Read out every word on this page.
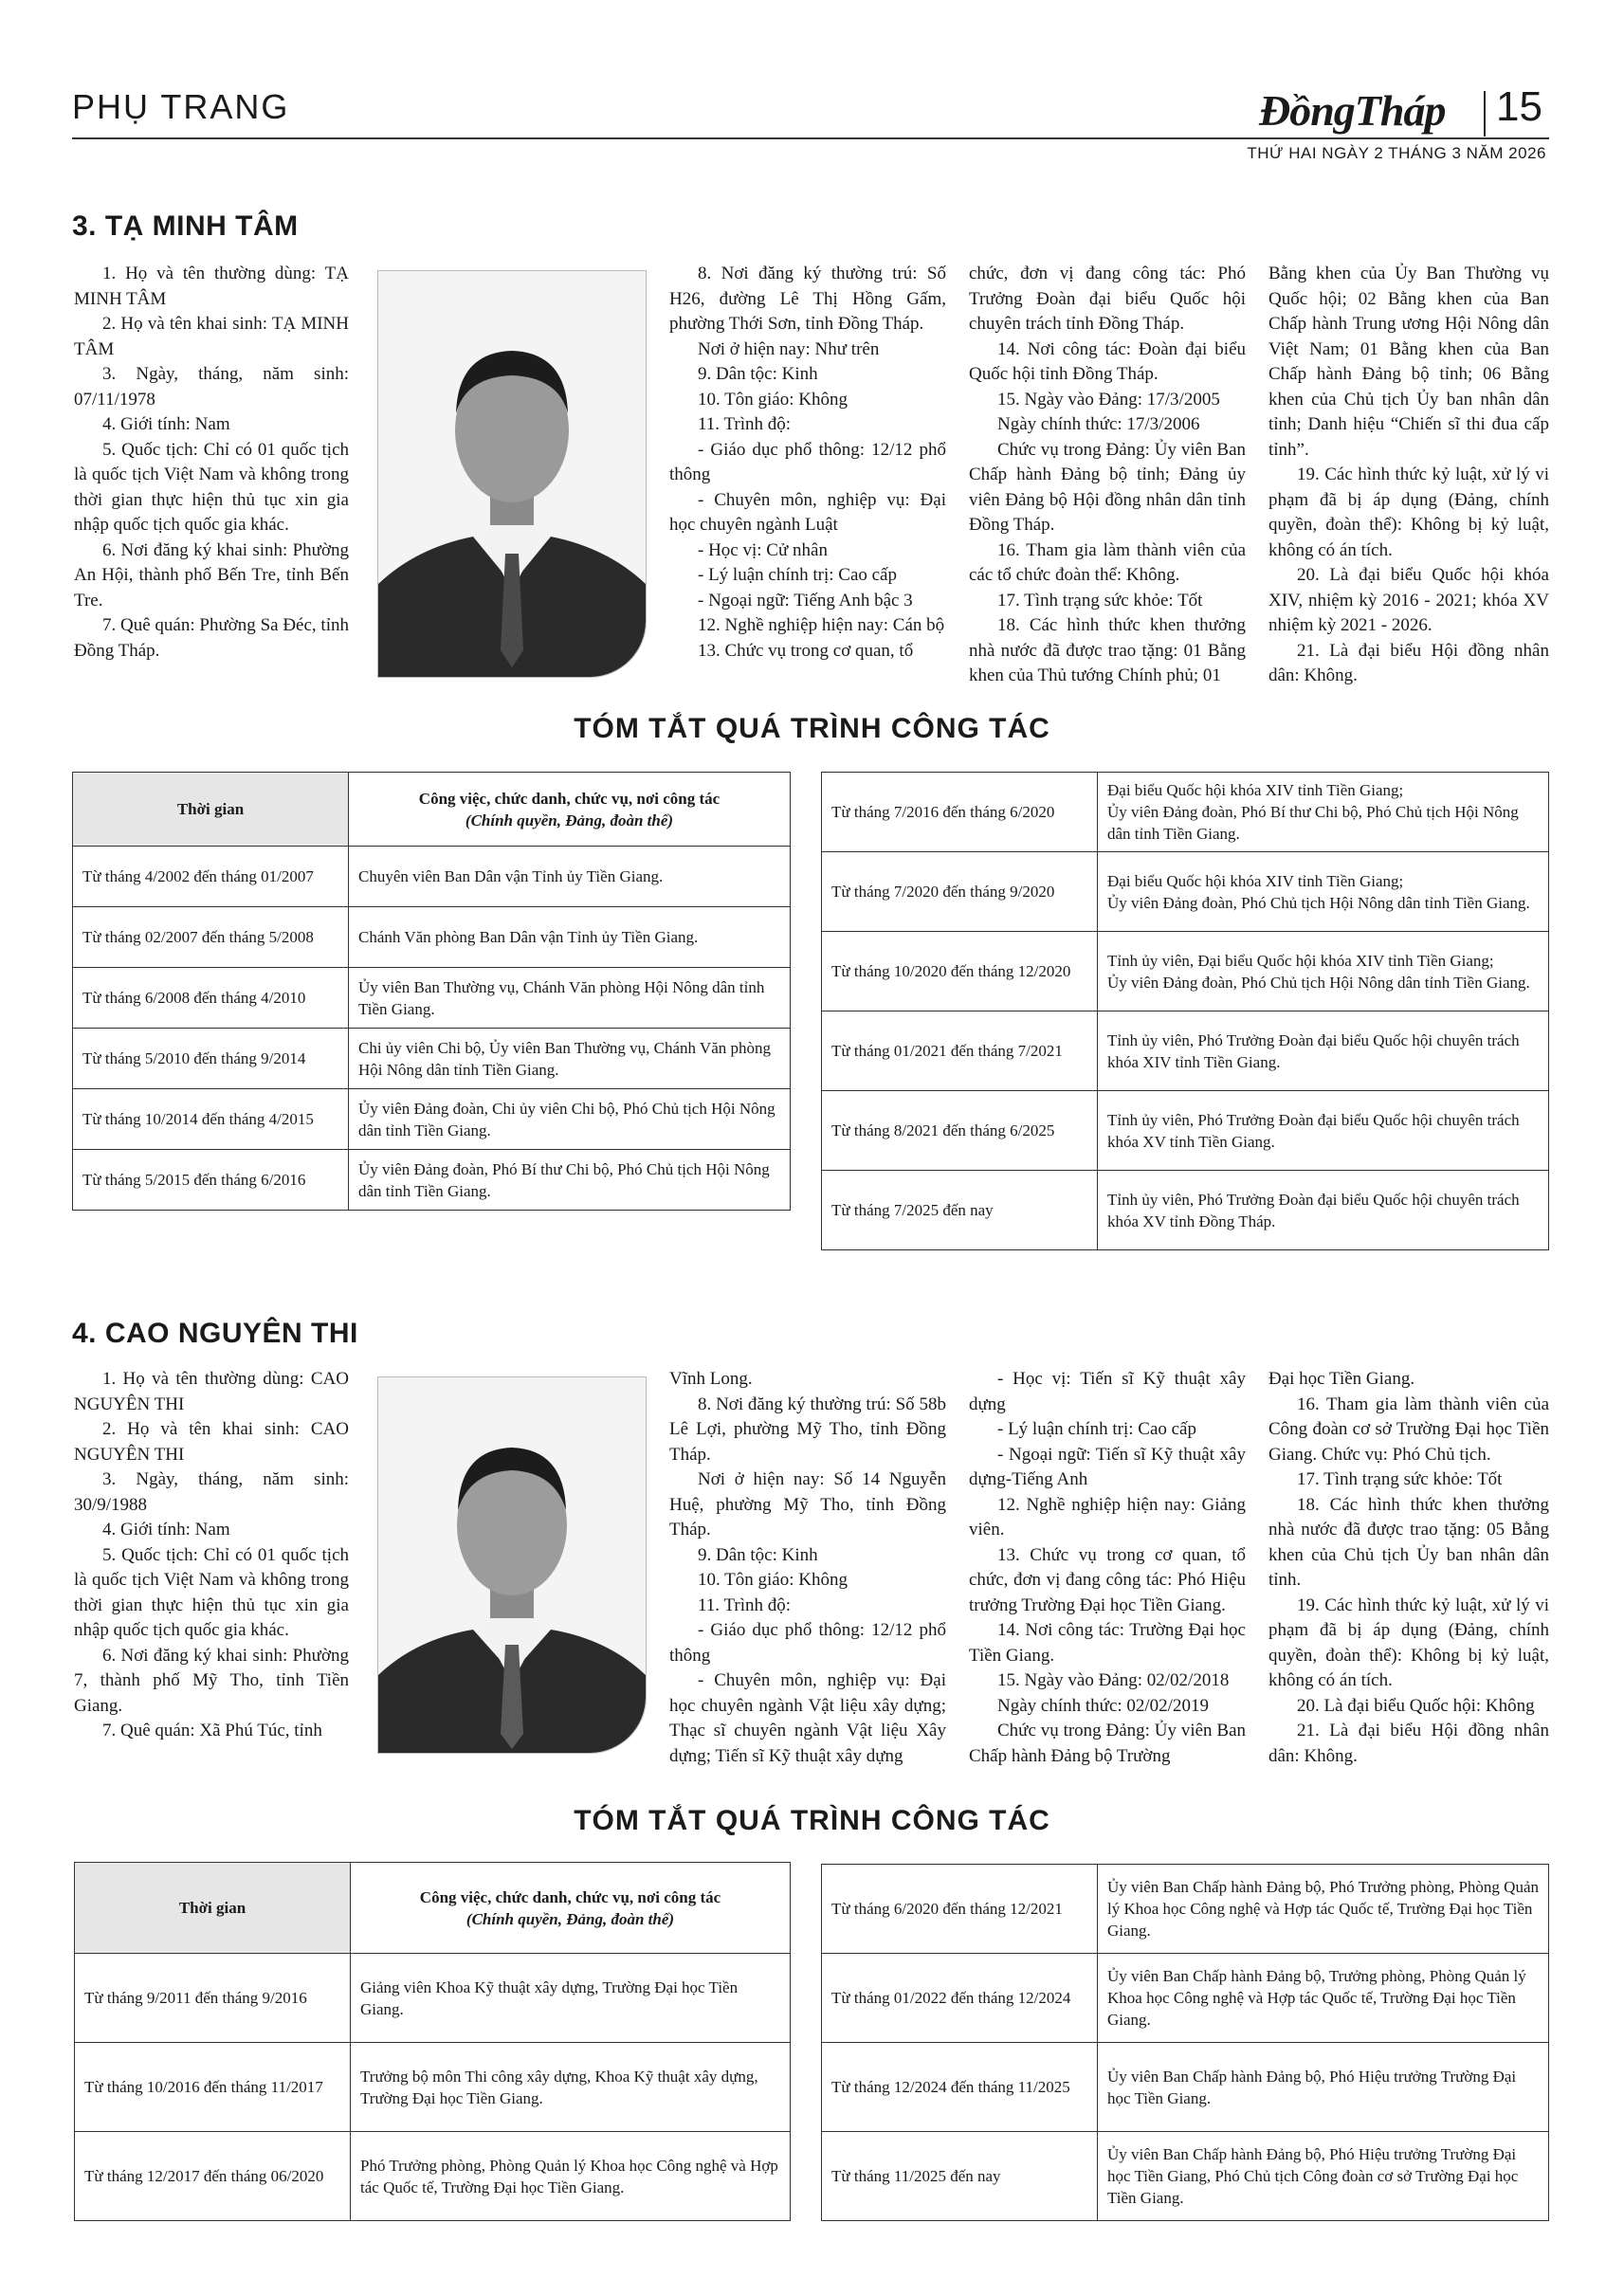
PHỤ TRANG	ĐồngTháp 15
THỨ HAI NGÀY 2 THÁNG 3 NĂM 2026
3. TẠ MINH TÂM

1. Họ và tên thường dùng: TẠ MINH TÂM

2. Họ và tên khai sinh: TẠ MINH TÂM

3. Ngày, tháng, năm sinh: 07/11/1978

4. Giới tính: Nam

5. Quốc tịch: Chỉ có 01 quốc tịch là quốc tịch Việt Nam và không trong thời gian thực hiện thủ tục xin gia nhập quốc tịch quốc gia khác.

6. Nơi đăng ký khai sinh: Phường An Hội, thành phố Bến Tre, tỉnh Bến Tre.

7. Quê quán: Phường Sa Đéc, tỉnh Đồng Tháp.

8. Nơi đăng ký thường trú: Số H26, đường Lê Thị Hồng Gấm, phường Thới Sơn, tỉnh Đồng Tháp.

Nơi ở hiện nay: Như trên

9. Dân tộc: Kinh

10. Tôn giáo: Không

11. Trình độ:

- Giáo dục phổ thông: 12/12 phổ thông

- Chuyên môn, nghiệp vụ: Đại học chuyên ngành Luật

- Học vị: Cử nhân

- Lý luận chính trị: Cao cấp

- Ngoại ngữ: Tiếng Anh bậc 3

12. Nghề nghiệp hiện nay: Cán bộ

13. Chức vụ trong cơ quan, tổ

chức, đơn vị đang công tác: Phó Trưởng Đoàn đại biểu Quốc hội chuyên trách tỉnh Đồng Tháp.

14. Nơi công tác: Đoàn đại biểu Quốc hội tỉnh Đồng Tháp.

15. Ngày vào Đảng: 17/3/2005

Ngày chính thức: 17/3/2006

Chức vụ trong Đảng: Ủy viên Ban Chấp hành Đảng bộ tỉnh; Đảng ủy viên Đảng bộ Hội đồng nhân dân tỉnh Đồng Tháp.

16. Tham gia làm thành viên của các tổ chức đoàn thể: Không.

17. Tình trạng sức khỏe: Tốt

18. Các hình thức khen thưởng nhà nước đã được trao tặng: 01 Bằng khen của Thủ tướng Chính phủ; 01

Bằng khen của Ủy Ban Thường vụ Quốc hội; 02 Bằng khen của Ban Chấp hành Trung ương Hội Nông dân Việt Nam; 01 Bằng khen của Ban Chấp hành Đảng bộ tỉnh; 06 Bằng khen của Chủ tịch Ủy ban nhân dân tỉnh; Danh hiệu “Chiến sĩ thi đua cấp tỉnh”.

19. Các hình thức kỷ luật, xử lý vi phạm đã bị áp dụng (Đảng, chính quyền, đoàn thể): Không bị kỷ luật, không có án tích.

20. Là đại biểu Quốc hội khóa XIV, nhiệm kỳ 2016 - 2021; khóa XV nhiệm kỳ 2021 - 2026.

21. Là đại biểu Hội đồng nhân dân: Không.

TÓM TẮT QUÁ TRÌNH CÔNG TÁC
Thời gian	Công việc, chức danh, chức vụ, nơi công tác
(Chính quyền, Đảng, đoàn thể)
Từ tháng 4/2002 đến tháng 01/2007	Chuyên viên Ban Dân vận Tỉnh ủy Tiền Giang.
Từ tháng 02/2007 đến tháng 5/2008	Chánh Văn phòng Ban Dân vận Tỉnh ủy Tiền Giang.
Từ tháng 6/2008 đến tháng 4/2010	Ủy viên Ban Thường vụ, Chánh Văn phòng Hội Nông dân tỉnh Tiền Giang.
Từ tháng 5/2010 đến tháng 9/2014	Chi ủy viên Chi bộ, Ủy viên Ban Thường vụ, Chánh Văn phòng Hội Nông dân tỉnh Tiền Giang.
Từ tháng 10/2014 đến tháng 4/2015	Ủy viên Đảng đoàn, Chi ủy viên Chi bộ, Phó Chủ tịch Hội Nông dân tỉnh Tiền Giang.
Từ tháng 5/2015 đến tháng 6/2016	Ủy viên Đảng đoàn, Phó Bí thư Chi bộ, Phó Chủ tịch Hội Nông dân tỉnh Tiền Giang.
Từ tháng 7/2016 đến tháng 6/2020	Đại biểu Quốc hội khóa XIV tỉnh Tiền Giang;
Ủy viên Đảng đoàn, Phó Bí thư Chi bộ, Phó Chủ tịch Hội Nông dân tỉnh Tiền Giang.
Từ tháng 7/2020 đến tháng 9/2020	Đại biểu Quốc hội khóa XIV tỉnh Tiền Giang;
Ủy viên Đảng đoàn, Phó Chủ tịch Hội Nông dân tỉnh Tiền Giang.
Từ tháng 10/2020 đến tháng 12/2020	Tỉnh ủy viên, Đại biểu Quốc hội khóa XIV tỉnh Tiền Giang;
Ủy viên Đảng đoàn, Phó Chủ tịch Hội Nông dân tỉnh Tiền Giang.
Từ tháng 01/2021 đến tháng 7/2021	Tỉnh ủy viên, Phó Trưởng Đoàn đại biểu Quốc hội chuyên trách khóa XIV tỉnh Tiền Giang.
Từ tháng 8/2021 đến tháng 6/2025	Tỉnh ủy viên, Phó Trưởng Đoàn đại biểu Quốc hội chuyên trách khóa XV tỉnh Tiền Giang.
Từ tháng 7/2025 đến nay	Tỉnh ủy viên, Phó Trưởng Đoàn đại biểu Quốc hội chuyên trách khóa XV tỉnh Đồng Tháp.
4. CAO NGUYÊN THI

1. Họ và tên thường dùng: CAO NGUYÊN THI

2. Họ và tên khai sinh: CAO NGUYÊN THI

3. Ngày, tháng, năm sinh: 30/9/1988

4. Giới tính: Nam

5. Quốc tịch: Chỉ có 01 quốc tịch là quốc tịch Việt Nam và không trong thời gian thực hiện thủ tục xin gia nhập quốc tịch quốc gia khác.

6. Nơi đăng ký khai sinh: Phường 7, thành phố Mỹ Tho, tỉnh Tiền Giang.

7. Quê quán: Xã Phú Túc, tỉnh

Vĩnh Long.

8. Nơi đăng ký thường trú: Số 58b Lê Lợi, phường Mỹ Tho, tỉnh Đồng Tháp.

Nơi ở hiện nay: Số 14 Nguyễn Huệ, phường Mỹ Tho, tỉnh Đồng Tháp.

9. Dân tộc: Kinh

10. Tôn giáo: Không

11. Trình độ:

- Giáo dục phổ thông: 12/12 phổ thông

- Chuyên môn, nghiệp vụ: Đại học chuyên ngành Vật liệu xây dựng; Thạc sĩ chuyên ngành Vật liệu Xây dựng; Tiến sĩ Kỹ thuật xây dựng

- Học vị: Tiến sĩ Kỹ thuật xây dựng

- Lý luận chính trị: Cao cấp

- Ngoại ngữ: Tiến sĩ Kỹ thuật xây dựng-Tiếng Anh

12. Nghề nghiệp hiện nay: Giảng viên.

13. Chức vụ trong cơ quan, tổ chức, đơn vị đang công tác: Phó Hiệu trưởng Trường Đại học Tiền Giang.

14. Nơi công tác: Trường Đại học Tiền Giang.

15. Ngày vào Đảng: 02/02/2018

Ngày chính thức: 02/02/2019

Chức vụ trong Đảng: Ủy viên Ban Chấp hành Đảng bộ Trường

Đại học Tiền Giang.

16. Tham gia làm thành viên của Công đoàn cơ sở Trường Đại học Tiền Giang. Chức vụ: Phó Chủ tịch.

17. Tình trạng sức khỏe: Tốt

18. Các hình thức khen thưởng nhà nước đã được trao tặng: 05 Bằng khen của Chủ tịch Ủy ban nhân dân tỉnh.

19. Các hình thức kỷ luật, xử lý vi phạm đã bị áp dụng (Đảng, chính quyền, đoàn thể): Không bị kỷ luật, không có án tích.

20. Là đại biểu Quốc hội: Không

21. Là đại biểu Hội đồng nhân dân: Không.

TÓM TẮT QUÁ TRÌNH CÔNG TÁC
Thời gian	Công việc, chức danh, chức vụ, nơi công tác
(Chính quyền, Đảng, đoàn thể)
Từ tháng 9/2011 đến tháng 9/2016	Giảng viên Khoa Kỹ thuật xây dựng, Trường Đại học Tiền Giang.
Từ tháng 10/2016 đến tháng 11/2017	Trưởng bộ môn Thi công xây dựng, Khoa Kỹ thuật xây dựng, Trường Đại học Tiền Giang.
Từ tháng 12/2017 đến tháng 06/2020	Phó Trưởng phòng, Phòng Quản lý Khoa học Công nghệ và Hợp tác Quốc tế, Trường Đại học Tiền Giang.
Từ tháng 6/2020 đến tháng 12/2021	Ủy viên Ban Chấp hành Đảng bộ, Phó Trưởng phòng, Phòng Quản lý Khoa học Công nghệ và Hợp tác Quốc tế, Trường Đại học Tiền Giang.
Từ tháng 01/2022 đến tháng 12/2024	Ủy viên Ban Chấp hành Đảng bộ, Trưởng phòng, Phòng Quản lý Khoa học Công nghệ và Hợp tác Quốc tế, Trường Đại học Tiền Giang.
Từ tháng 12/2024 đến tháng 11/2025	Ủy viên Ban Chấp hành Đảng bộ, Phó Hiệu trưởng Trường Đại học Tiền Giang.
Từ tháng 11/2025 đến nay	Ủy viên Ban Chấp hành Đảng bộ, Phó Hiệu trưởng Trường Đại học Tiền Giang, Phó Chủ tịch Công đoàn cơ sở Trường Đại học Tiền Giang.
